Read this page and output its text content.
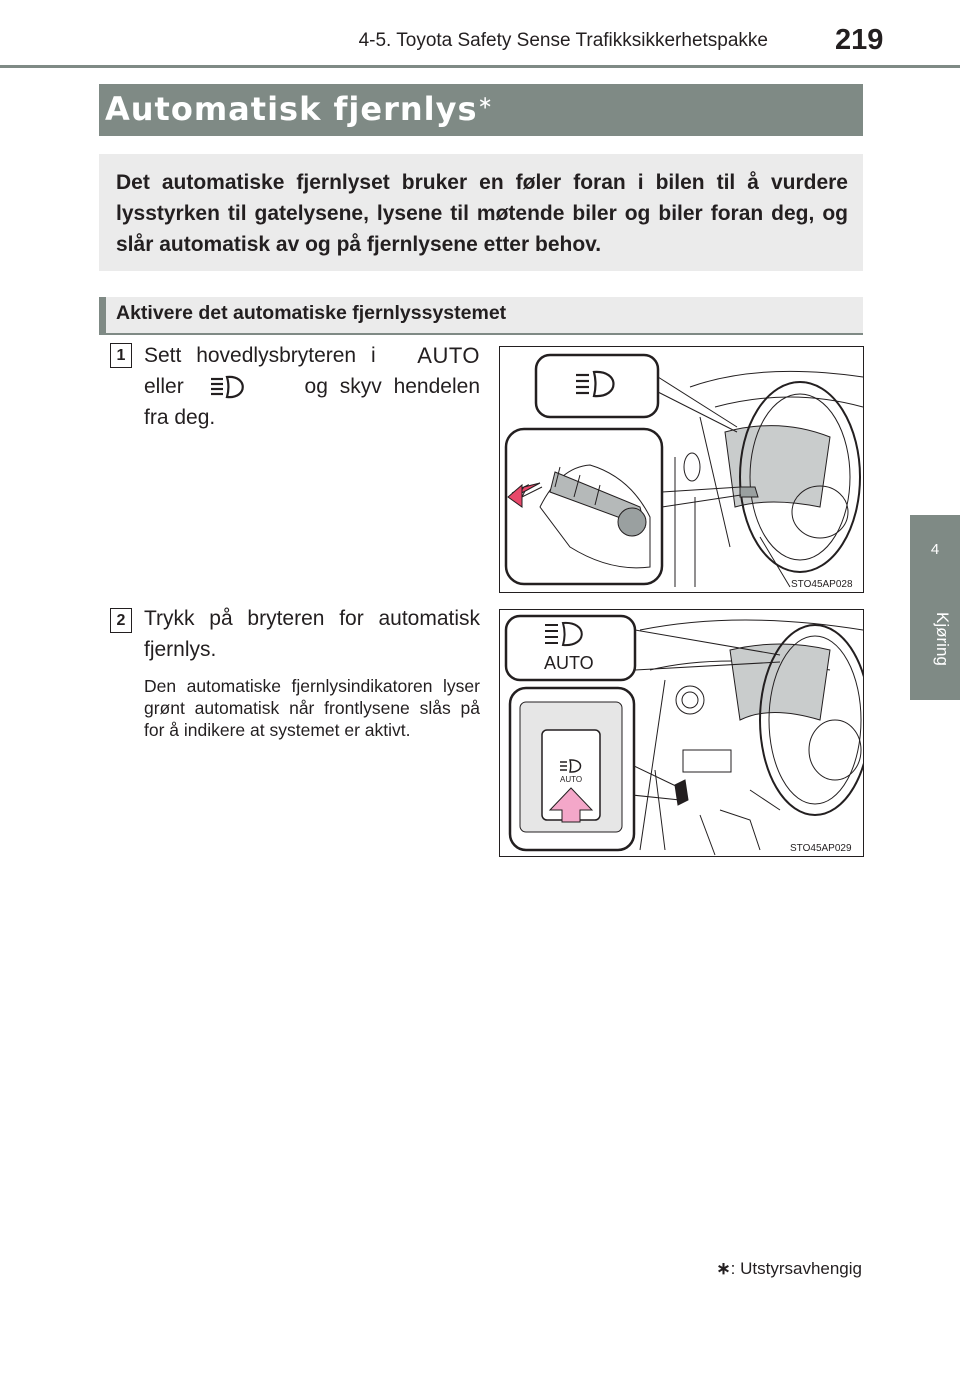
4-5. Toyota Safety Sense Trafikksikkerhetspakke 219
4
Kjøring
Automatisk fjernlys∗
Det automatiske fjernlyset bruker en føler foran i bilen til å vurdere lysstyrken til gatelysene, lysene til møtende biler og biler foran deg, og slår automatisk av og på fjernlysene etter behov.
Aktivere det automatiske fjernlyssystemet
1 Sett hovedlysbryteren i AUTO
eller	og skyv hendelen
fra deg.
STO45AP028
2 Trykk på bryteren for automatisk fjernlys.
Den automatiske fjernlysindikatoren lyser grønt automatisk når frontlysene slås på for å indikere at systemet er aktivt.
AUTO
AUTO
STO45AP029
∗: Utstyrsavhengig
